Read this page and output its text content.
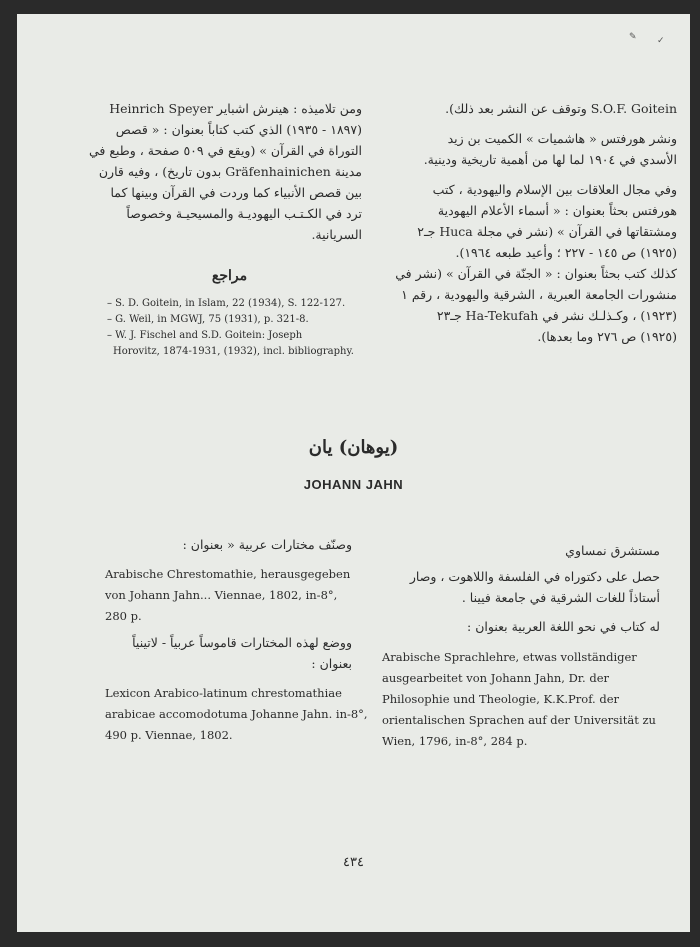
S.O.F. Goitein وتوقف عن النشر بعد ذلك).
ونشر هورفتس « هاشميات » الكميت بن زيد
الأسدي في ١٩٠٤ لما لها من أهمية تاريخية ودينية.
وفي مجال العلاقات بين الإسلام واليهودية ، كتب
هورفتس بحثاً بعنوان : « أسماء الأعلام اليهودية
ومشتقاتها في القرآن » (نشر في مجلة Huca جـ٢
(١٩٢٥) ص ١٤٥ - ٢٢٧ ؛ وأعيد طبعه ١٩٦٤).
كذلك كتب بحثاً بعنوان : « الجنّة في القرآن » (نشر في
منشورات الجامعة العبرية ، الشرقية واليهودية ، رقم ١
(١٩٢٣) ، وكـذلـك نشر في Ha-Tekufah جـ٢٣
(١٩٢٥) ص ٢٧٦ وما بعدها).
ومن تلاميذه : هينرش اشباير Heinrich Speyer
(١٨٩٧ - ١٩٣٥) الذي كتب كتاباً بعنوان : « قصص
التوراة في القرآن » (ويقع في ٥٠٩ صفحة ، وطبع في
مدينة Gräfenhainichen بدون تاريخ) ، وفيه قارن
بين قصص الأنبياء كما وردت في القرآن وبينها كما
ترد في الكـتـب اليهوديـة والمسيحيـة وخصوصاً
السريانية.
مراجع
– S. D. Goitein, in Islam, 22 (1934), S. 122-127.
– G. Weil, in MGWJ, 75 (1931), p. 321-8.
– W. J. Fischel and S.D. Goitein: Joseph
Horovitz, 1874-1931, (1932), incl. bibliography.
(يوهان) يان
JOHANN JAHN
مستشرق نمساوي
حصل على دكتوراه في الفلسفة واللاهوت ، وصار
أستاذاً للغات الشرقية في جامعة فيينا .
له كتاب في نحو اللغة العربية بعنوان :
Arabische Sprachlehre, etwas vollständiger
ausgearbeitet von Johann Jahn, Dr. der
Philosophie und Theologie, K.K.Prof. der
orientalischen Sprachen auf der Universität zu
Wien, 1796, in-8°, 284 p.
وصنّف مختارات عربية « بعنوان :
Arabische Chrestomathie, herausgegeben
von Johann Jahn... Viennae, 1802, in-8°,
280 p.
ووضع لهذه المختارات قاموساً عربياً - لاتينياً
بعنوان :
Lexicon Arabico-latinum chrestomathiae
arabicae accomodotuma Johanne Jahn. in-8°,
490 p. Viennae, 1802.
٤٣٤
✎ ✓
